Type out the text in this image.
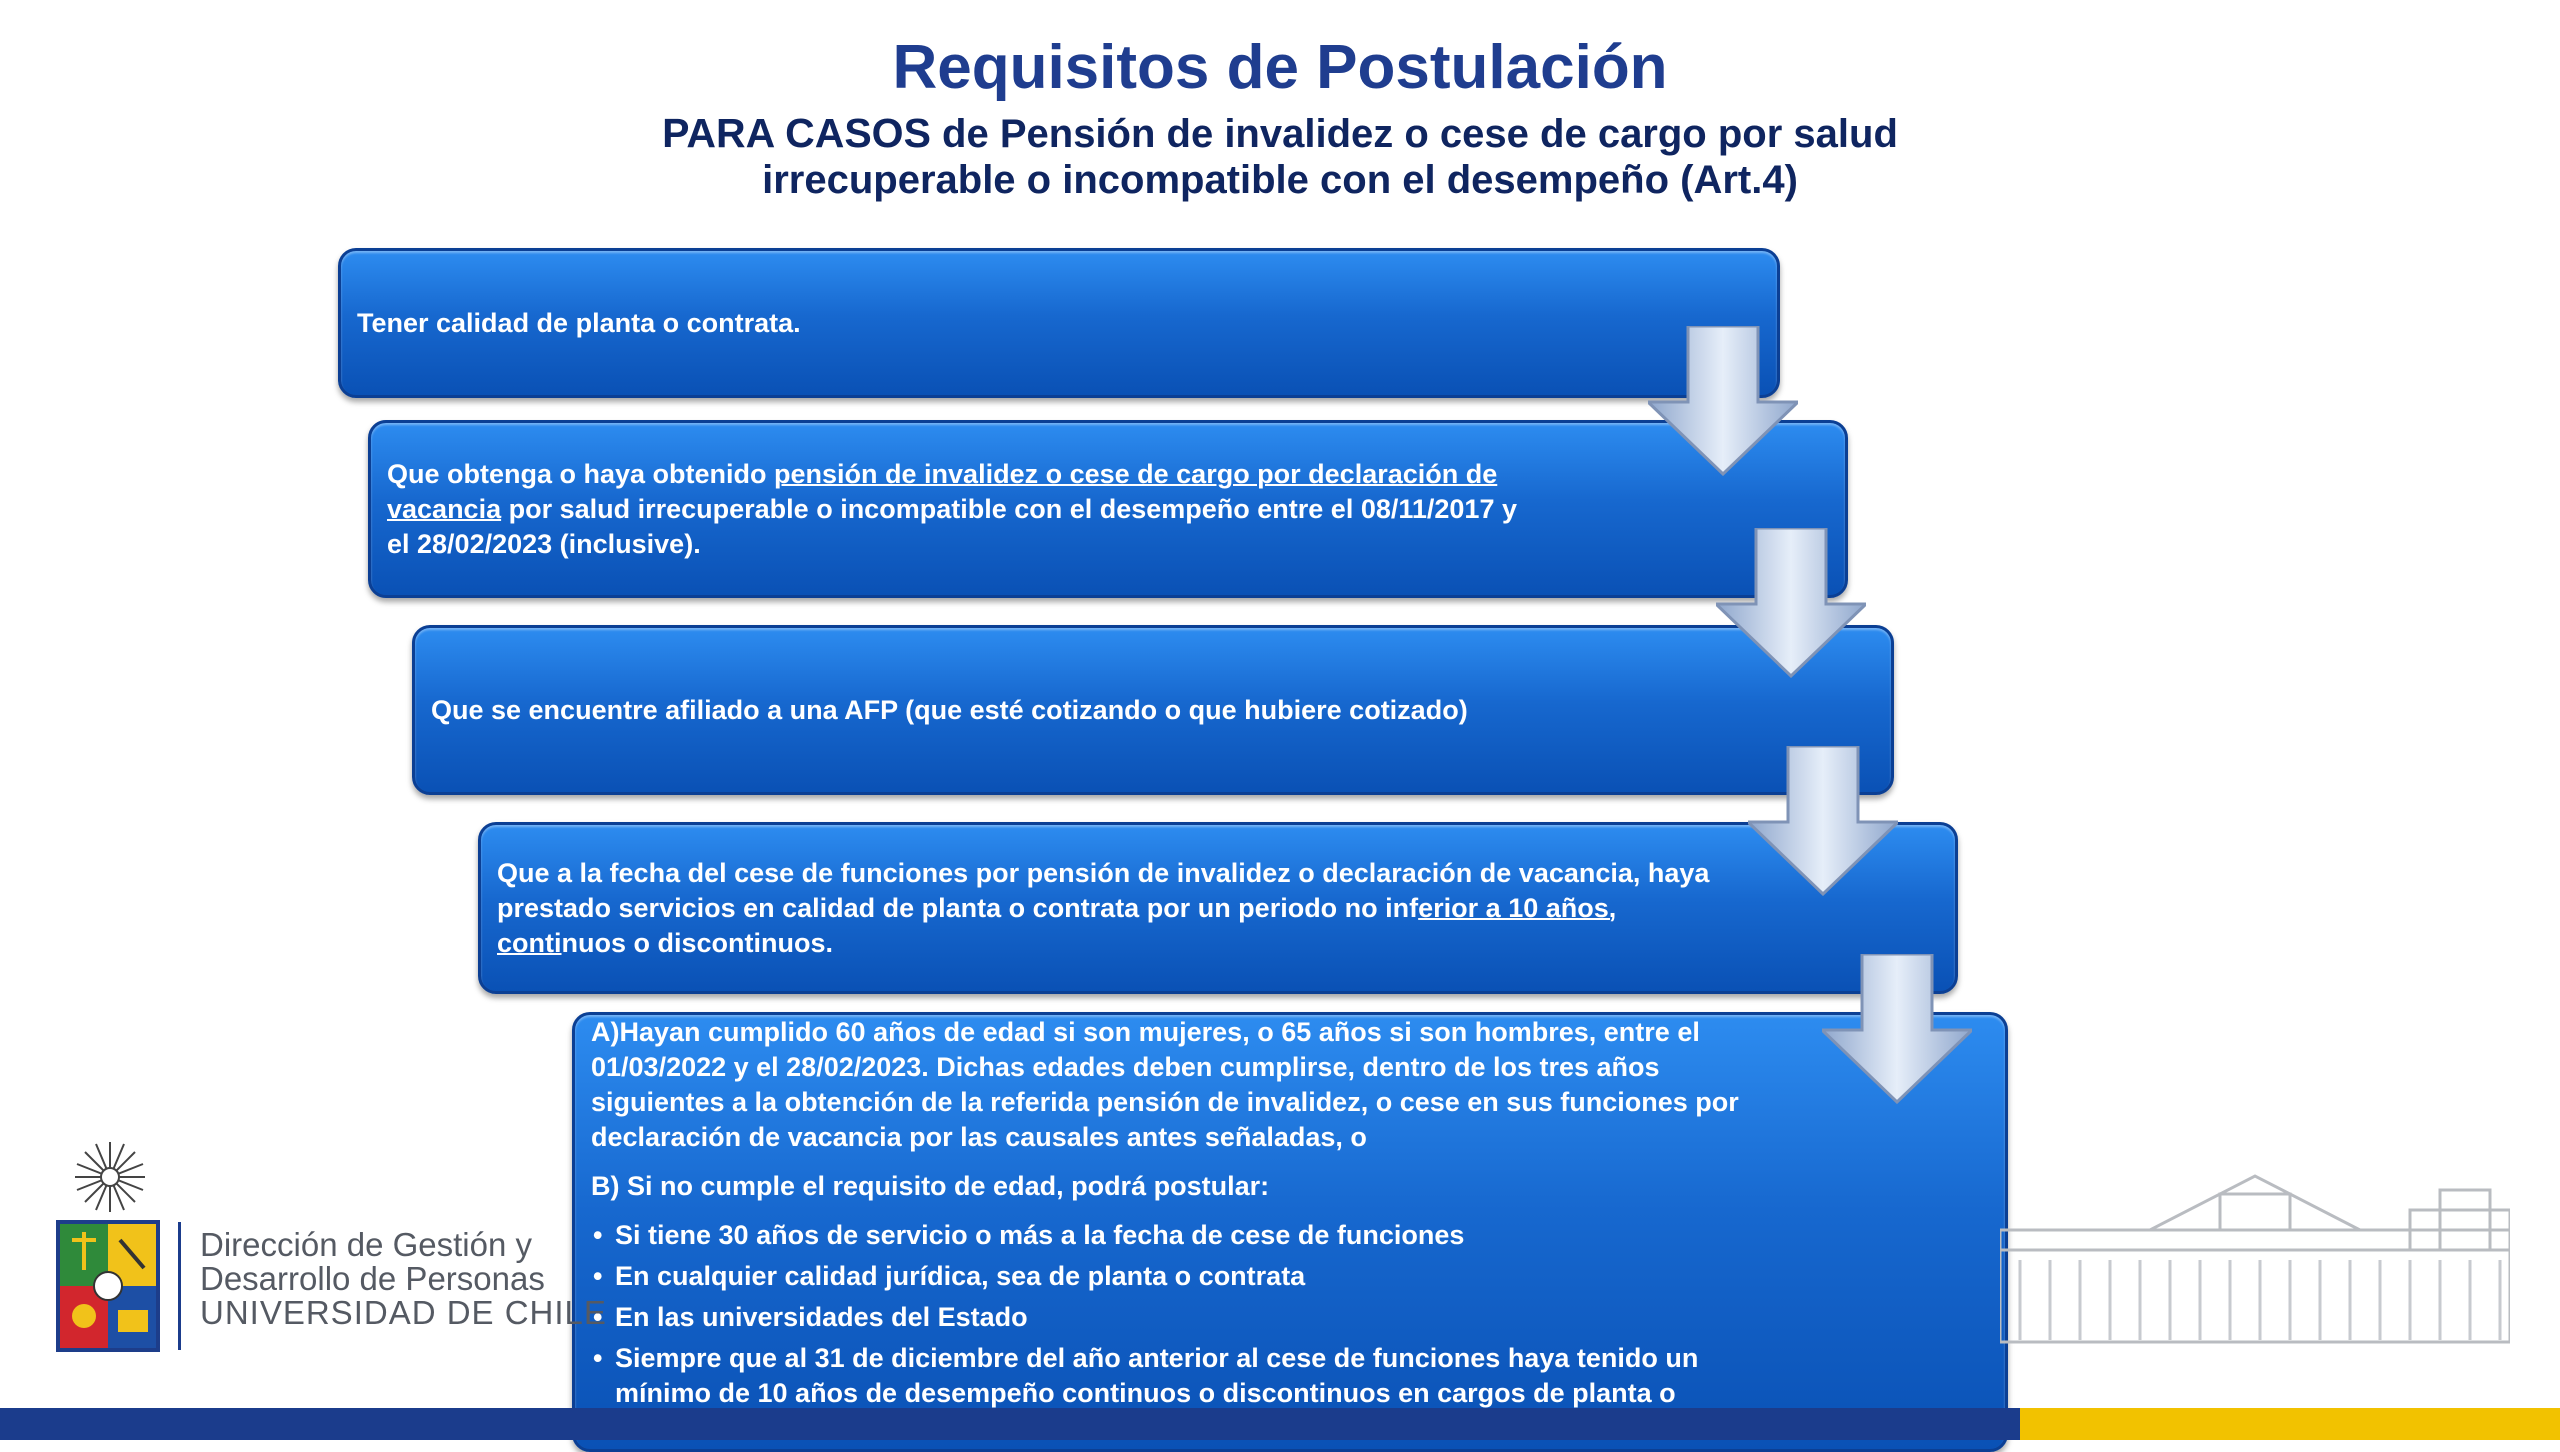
Requisitos de Postulación
PARA CASOS de Pensión de invalidez o cese de cargo por salud
irrecuperable o incompatible con el desempeño (Art.4)
Tener calidad de planta o contrata.
Que obtenga o haya obtenido pensión de invalidez o cese de cargo por declaración de vacancia por salud irrecuperable o incompatible con el desempeño entre el 08/11/2017 y el 28/02/2023 (inclusive).
Que se encuentre afiliado a una AFP (que esté cotizando o que hubiere cotizado)
Que a la fecha del cese de funciones por pensión de invalidez o declaración de vacancia, haya prestado servicios en calidad de planta o contrata por un periodo no inferior a 10 años, continuos o discontinuos.

A)Hayan cumplido 60 años de edad si son mujeres, o 65 años si son hombres, entre el 01/03/2022 y el 28/02/2023. Dichas edades deben cumplirse, dentro de los tres años siguientes a la obtención de la referida pensión de invalidez, o cese en sus funciones por declaración de vacancia por las causales antes señaladas, o

B) Si no cumple el requisito de edad, podrá postular:

• Si tiene 30 años de servicio o más a la fecha de cese de funciones
• En cualquier calidad jurídica, sea de planta o contrata
• En las universidades del Estado
• Siempre que al 31 de diciembre del año anterior al cese de funciones haya tenido un mínimo de 10 años de desempeño continuos o discontinuos en cargos de planta o
Dirección de Gestión y
Desarrollo de Personas
UNIVERSIDAD DE CHILE
